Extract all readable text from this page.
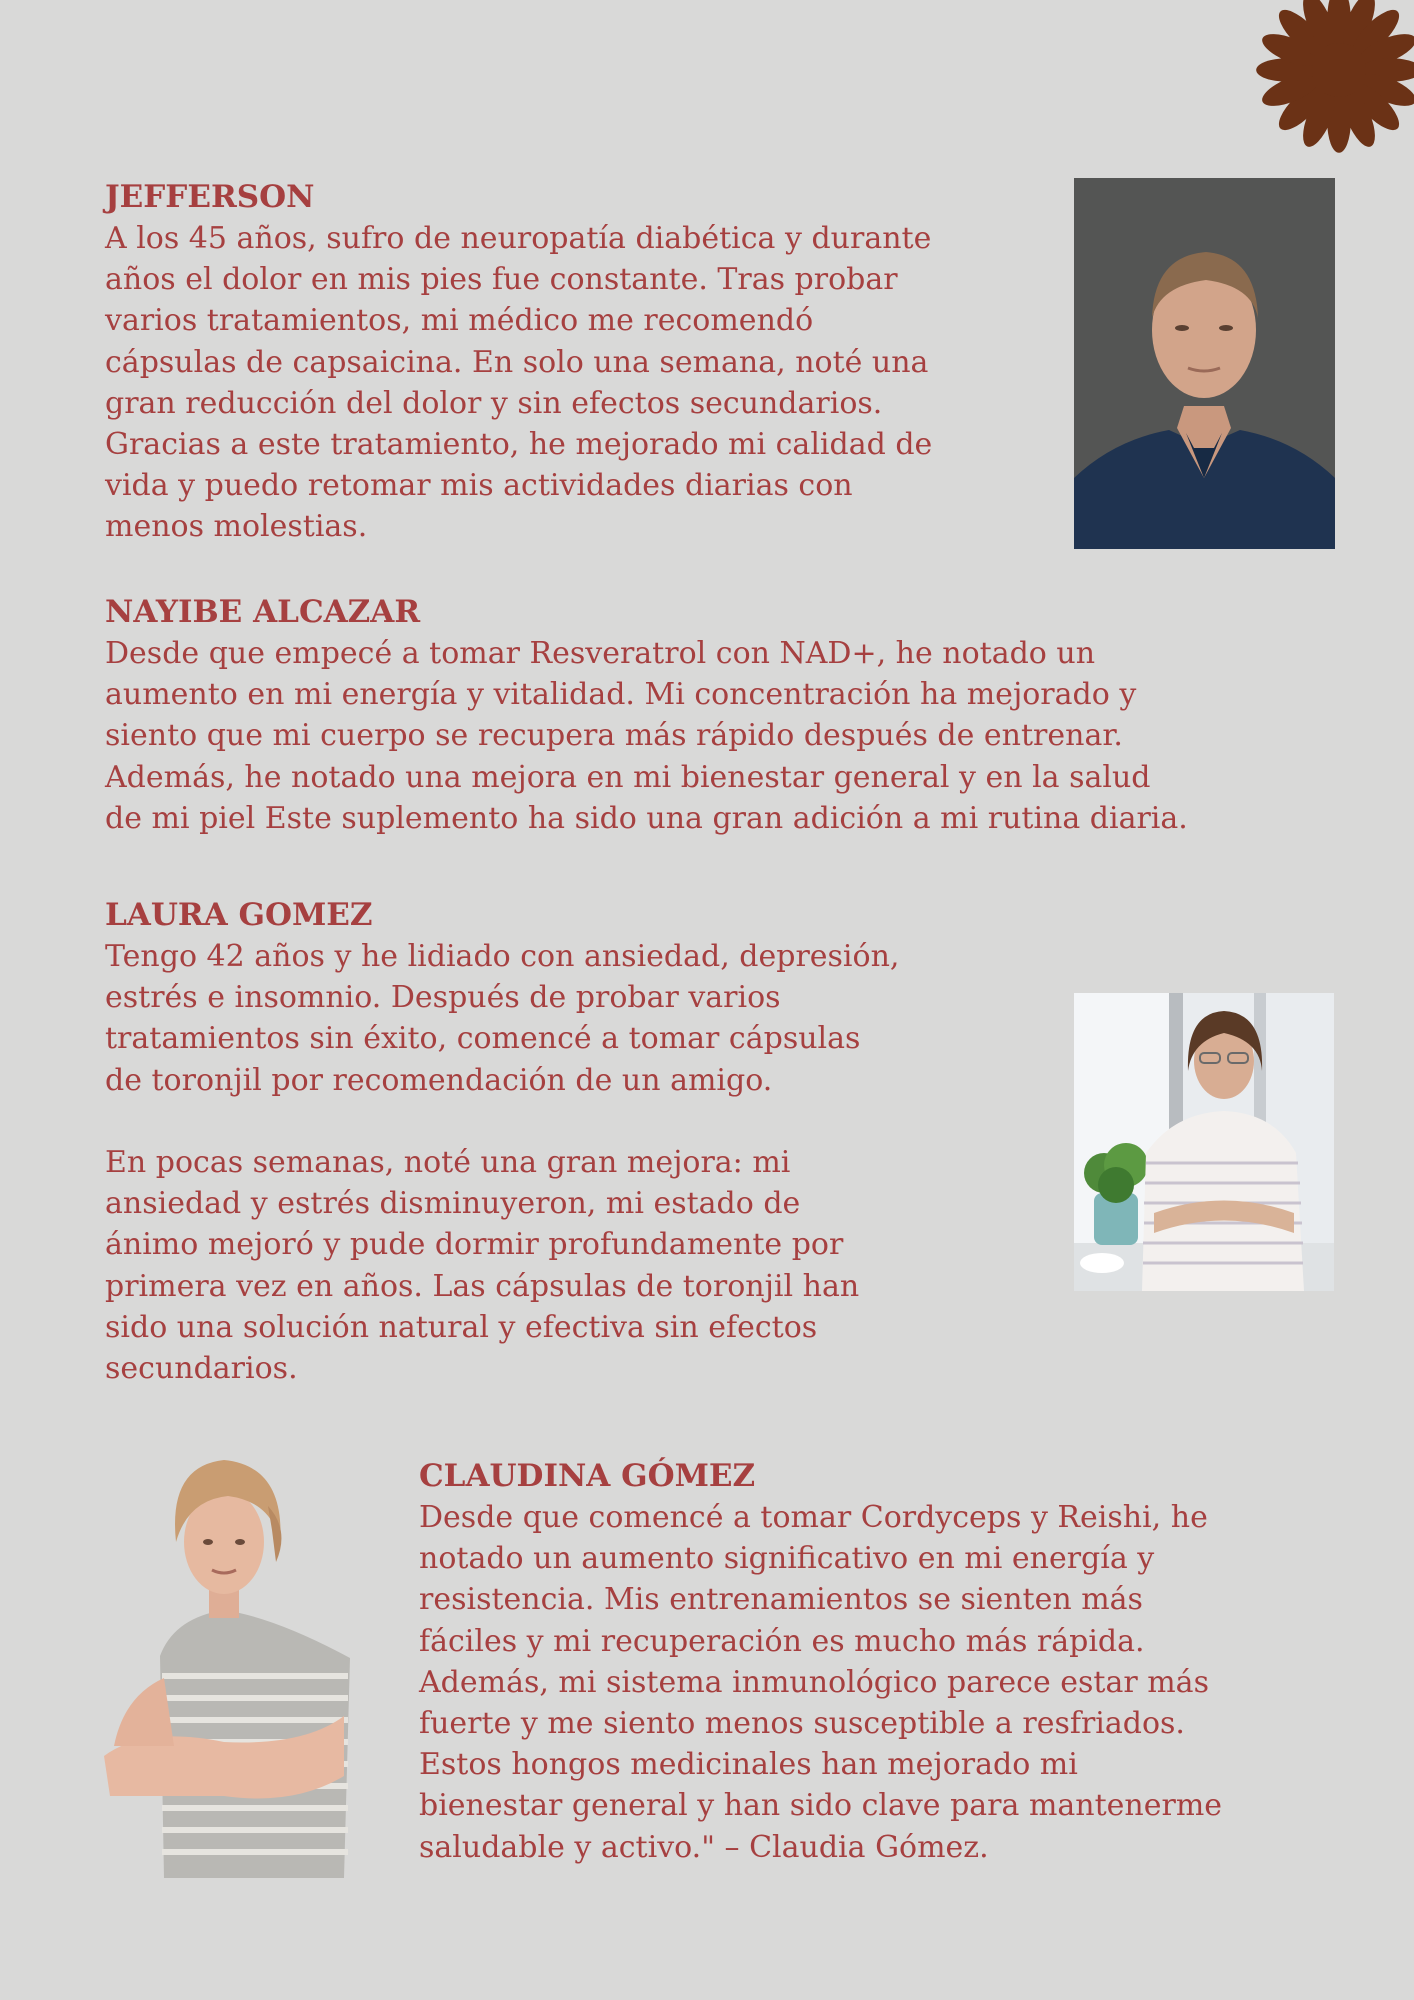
JEFFERSON

A los 45 años, sufro de neuropatía diabética y durante
años el dolor en mis pies fue constante. Tras probar
varios tratamientos, mi médico me recomendó
cápsulas de capsaicina. En solo una semana, noté una
gran reducción del dolor y sin efectos secundarios.
Gracias a este tratamiento, he mejorado mi calidad de
vida y puedo retomar mis actividades diarias con
menos molestias.

NAYIBE ALCAZAR

Desde que empecé a tomar Resveratrol con NAD+, he notado un
aumento en mi energía y vitalidad. Mi concentración ha mejorado y
siento que mi cuerpo se recupera más rápido después de entrenar.
Además, he notado una mejora en mi bienestar general y en la salud
de mi piel Este suplemento ha sido una gran adición a mi rutina diaria.

LAURA GOMEZ

Tengo 42 años y he lidiado con ansiedad, depresión,
estrés e insomnio. Después de probar varios
tratamientos sin éxito, comencé a tomar cápsulas
de toronjil por recomendación de un amigo.

En pocas semanas, noté una gran mejora: mi
ansiedad y estrés disminuyeron, mi estado de
ánimo mejoró y pude dormir profundamente por
primera vez en años. Las cápsulas de toronjil han
sido una solución natural y efectiva sin efectos
secundarios.

CLAUDINA GÓMEZ

Desde que comencé a tomar Cordyceps y Reishi, he
notado un aumento significativo en mi energía y
resistencia. Mis entrenamientos se sienten más
fáciles y mi recuperación es mucho más rápida.
Además, mi sistema inmunológico parece estar más
fuerte y me siento menos susceptible a resfriados.
Estos hongos medicinales han mejorado mi
bienestar general y han sido clave para mantenerme
saludable y activo." – Claudia Gómez.
